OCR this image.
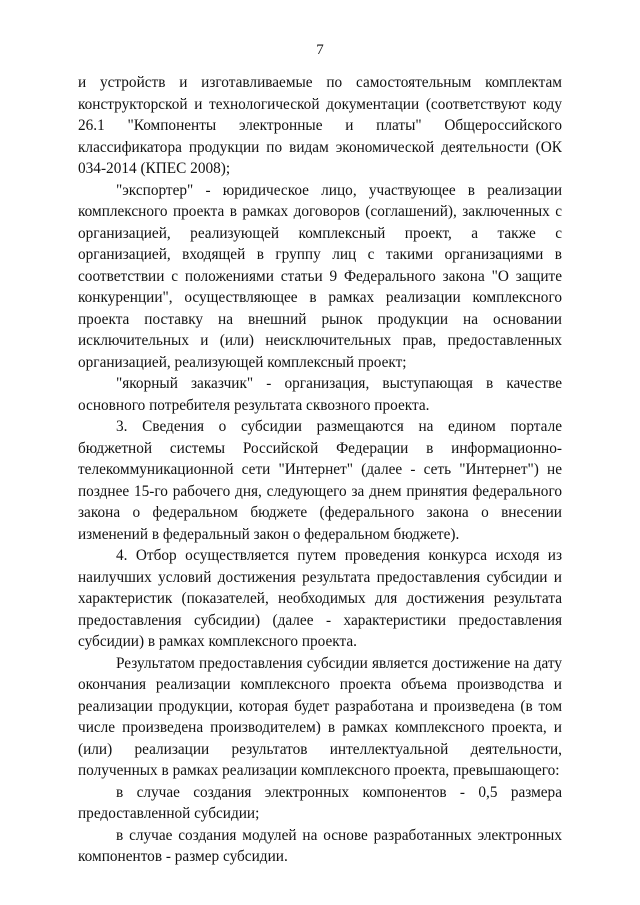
7

и устройств и изготавливаемые по самостоятельным комплектам конструкторской и технологической документации (соответствуют коду 26.1 "Компоненты электронные и платы" Общероссийского классификатора продукции по видам экономической деятельности (ОК 034-2014 (КПЕС 2008);

"экспортер" - юридическое лицо, участвующее в реализации комплексного проекта в рамках договоров (соглашений), заключенных с организацией, реализующей комплексный проект, а также с организацией, входящей в группу лиц с такими организациями в соответствии с положениями статьи 9 Федерального закона "О защите конкуренции", осуществляющее в рамках реализации комплексного проекта поставку на внешний рынок продукции на основании исключительных и (или) неисключительных прав, предоставленных организацией, реализующей комплексный проект;

"якорный заказчик" - организация, выступающая в качестве основного потребителя результата сквозного проекта.

3. Сведения о субсидии размещаются на едином портале бюджетной системы Российской Федерации в информационно-телекоммуникационной сети "Интернет" (далее - сеть "Интернет") не позднее 15-го рабочего дня, следующего за днем принятия федерального закона о федеральном бюджете (федерального закона о внесении изменений в федеральный закон о федеральном бюджете).

4. Отбор осуществляется путем проведения конкурса исходя из наилучших условий достижения результата предоставления субсидии и характеристик (показателей, необходимых для достижения результата предоставления субсидии) (далее - характеристики предоставления субсидии) в рамках комплексного проекта.

Результатом предоставления субсидии является достижение на дату окончания реализации комплексного проекта объема производства и реализации продукции, которая будет разработана и произведена (в том числе произведена производителем) в рамках комплексного проекта, и (или) реализации результатов интеллектуальной деятельности, полученных в рамках реализации комплексного проекта, превышающего:

в случае создания электронных компонентов - 0,5 размера предоставленной субсидии;

в случае создания модулей на основе разработанных электронных компонентов - размер субсидии.
